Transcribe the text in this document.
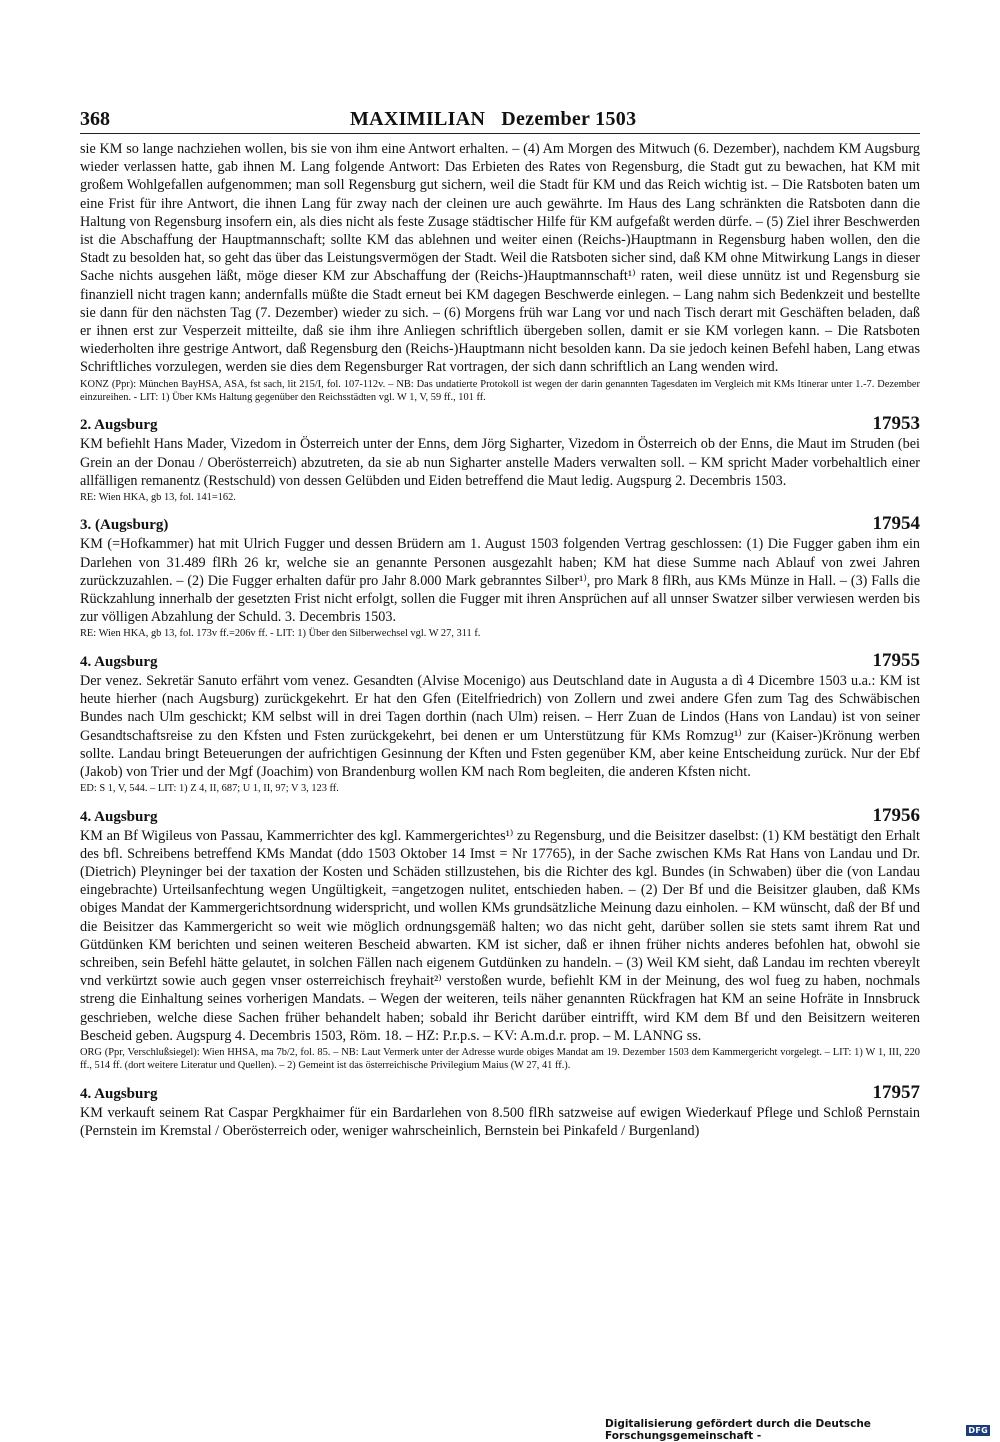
368	MAXIMILIAN Dezember 1503

sie KM so lange nachziehen wollen, bis sie von ihm eine Antwort erhalten. – (4) Am Morgen des Mitwuch (6. Dezember), nachdem KM Augsburg wieder verlassen hatte, gab ihnen M. Lang folgende Antwort: Das Erbieten des Rates von Regensburg, die Stadt gut zu bewachen, hat KM mit großem Wohlgefallen aufgenommen; man soll Regensburg gut sichern, weil die Stadt für KM und das Reich wichtig ist. – Die Ratsboten baten um eine Frist für ihre Antwort, die ihnen Lang für zway nach der cleinen ure auch gewährte. Im Haus des Lang schränkten die Ratsboten dann die Haltung von Regensburg insofern ein, als dies nicht als feste Zusage städtischer Hilfe für KM aufgefaßt werden dürfe. – (5) Ziel ihrer Beschwerden ist die Abschaffung der Hauptmannschaft; sollte KM das ablehnen und weiter einen (Reichs-)Hauptmann in Regensburg haben wollen, den die Stadt zu besolden hat, so geht das über das Leistungsvermögen der Stadt. Weil die Ratsboten sicher sind, daß KM ohne Mitwirkung Langs in dieser Sache nichts ausgehen läßt, möge dieser KM zur Abschaffung der (Reichs-)Hauptmannschaft¹⁾ raten, weil diese unnütz ist und Regensburg sie finanziell nicht tragen kann; andernfalls müßte die Stadt erneut bei KM dagegen Beschwerde einlegen. – Lang nahm sich Bedenkzeit und bestellte sie dann für den nächsten Tag (7. Dezember) wieder zu sich. – (6) Morgens früh war Lang vor und nach Tisch derart mit Geschäften beladen, daß er ihnen erst zur Vesperzeit mitteilte, daß sie ihm ihre Anliegen schriftlich übergeben sollen, damit er sie KM vorlegen kann. – Die Ratsboten wiederholten ihre gestrige Antwort, daß Regensburg den (Reichs-)Hauptmann nicht besolden kann. Da sie jedoch keinen Befehl haben, Lang etwas Schriftliches vorzulegen, werden sie dies dem Regensburger Rat vortragen, der sich dann schriftlich an Lang wenden wird.

KONZ (Ppr): München BayHSA, ASA, fst sach, lit 215/I, fol. 107-112v. – NB: Das undatierte Protokoll ist wegen der darin genannten Tagesdaten im Vergleich mit KMs Itinerar unter 1.-7. Dezember einzureihen. - LIT: 1) Über KMs Haltung gegenüber den Reichsstädten vgl. W 1, V, 59 ff., 101 ff.

2. Augsburg	17953

KM befiehlt Hans Mader, Vizedom in Österreich unter der Enns, dem Jörg Sigharter, Vizedom in Österreich ob der Enns, die Maut im Struden (bei Grein an der Donau / Oberösterreich) abzutreten, da sie ab nun Sigharter anstelle Maders verwalten soll. – KM spricht Mader vorbehaltlich einer allfälligen remanentz (Restschuld) von dessen Gelübden und Eiden betreffend die Maut ledig. Augspurg 2. Decembris 1503.

RE: Wien HKA, gb 13, fol. 141=162.

3. (Augsburg)	17954

KM (=Hofkammer) hat mit Ulrich Fugger und dessen Brüdern am 1. August 1503 folgenden Vertrag geschlossen: (1) Die Fugger gaben ihm ein Darlehen von 31.489 flRh 26 kr, welche sie an genannte Personen ausgezahlt haben; KM hat diese Summe nach Ablauf von zwei Jahren zurückzuzahlen. – (2) Die Fugger erhalten dafür pro Jahr 8.000 Mark gebranntes Silber¹⁾, pro Mark 8 flRh, aus KMs Münze in Hall. – (3) Falls die Rückzahlung innerhalb der gesetzten Frist nicht erfolgt, sollen die Fugger mit ihren Ansprüchen auf all unnser Swatzer silber verwiesen werden bis zur völligen Abzahlung der Schuld. 3. Decembris 1503.

RE: Wien HKA, gb 13, fol. 173v ff.=206v ff. - LIT: 1) Über den Silberwechsel vgl. W 27, 311 f.

4. Augsburg	17955

Der venez. Sekretär Sanuto erfährt vom venez. Gesandten (Alvise Mocenigo) aus Deutschland date in Augusta a dì 4 Dicembre 1503 u.a.: KM ist heute hierher (nach Augsburg) zurückgekehrt. Er hat den Gfen (Eitelfriedrich) von Zollern und zwei andere Gfen zum Tag des Schwäbischen Bundes nach Ulm geschickt; KM selbst will in drei Tagen dorthin (nach Ulm) reisen. – Herr Zuan de Lindos (Hans von Landau) ist von seiner Gesandtschaftsreise zu den Kfsten und Fsten zurückgekehrt, bei denen er um Unterstützung für KMs Romzug¹⁾ zur (Kaiser-)Krönung werben sollte. Landau bringt Beteuerungen der aufrichtigen Gesinnung der Kften und Fsten gegenüber KM, aber keine Entscheidung zurück. Nur der Ebf (Jakob) von Trier und der Mgf (Joachim) von Brandenburg wollen KM nach Rom begleiten, die anderen Kfsten nicht.

ED: S 1, V, 544. – LIT: 1) Z 4, II, 687; U 1, II, 97; V 3, 123 ff.

4. Augsburg	17956

KM an Bf Wigileus von Passau, Kammerrichter des kgl. Kammergerichtes¹⁾ zu Regensburg, und die Beisitzer daselbst: (1) KM bestätigt den Erhalt des bfl. Schreibens betreffend KMs Mandat (ddo 1503 Oktober 14 Imst = Nr 17765), in der Sache zwischen KMs Rat Hans von Landau und Dr. (Dietrich) Pleyninger bei der taxation der Kosten und Schäden stillzustehen, bis die Richter des kgl. Bundes (in Schwaben) über die (von Landau eingebrachte) Urteilsanfechtung wegen Ungültigkeit, =angetzogen nulitet, entschieden haben. – (2) Der Bf und die Beisitzer glauben, daß KMs obiges Mandat der Kammergerichtsordnung widerspricht, und wollen KMs grundsätzliche Meinung dazu einholen. – KM wünscht, daß der Bf und die Beisitzer das Kammergericht so weit wie möglich ordnungsgemäß halten; wo das nicht geht, darüber sollen sie stets samt ihrem Rat und Gütdünken KM berichten und seinen weiteren Bescheid abwarten. KM ist sicher, daß er ihnen früher nichts anderes befohlen hat, obwohl sie schreiben, sein Befehl hätte gelautet, in solchen Fällen nach eigenem Gutdünken zu handeln. – (3) Weil KM sieht, daß Landau im rechten vbereylt vnd verkürtzt sowie auch gegen vnser osterreichisch freyhait²⁾ verstoßen wurde, befiehlt KM in der Meinung, des wol fueg zu haben, nochmals streng die Einhaltung seines vorherigen Mandats. – Wegen der weiteren, teils näher genannten Rückfragen hat KM an seine Hofräte in Innsbruck geschrieben, welche diese Sachen früher behandelt haben; sobald ihr Bericht darüber eintrifft, wird KM dem Bf und den Beisitzern weiteren Bescheid geben. Augspurg 4. Decembris 1503, Röm. 18. – HZ: P.r.p.s. – KV: A.m.d.r. prop. – M. LANNG ss.

ORG (Ppr, Verschlußsiegel): Wien HHSA, ma 7b/2, fol. 85. – NB: Laut Vermerk unter der Adresse wurde obiges Mandat am 19. Dezember 1503 dem Kammergericht vorgelegt. – LIT: 1) W 1, III, 220 ff., 514 ff. (dort weitere Literatur und Quellen). – 2) Gemeint ist das österreichische Privilegium Maius (W 27, 41 ff.).

4. Augsburg	17957

KM verkauft seinem Rat Caspar Pergkhaimer für ein Bardarlehen von 8.500 flRh satzweise auf ewigen Wiederkauf Pflege und Schloß Pernstain (Pernstein im Kremstal / Oberösterreich oder, weniger wahrscheinlich, Bernstein bei Pinkafeld / Burgenland)

Digitalisierung gefördert durch die Deutsche Forschungsgemeinschaft -	DFG
